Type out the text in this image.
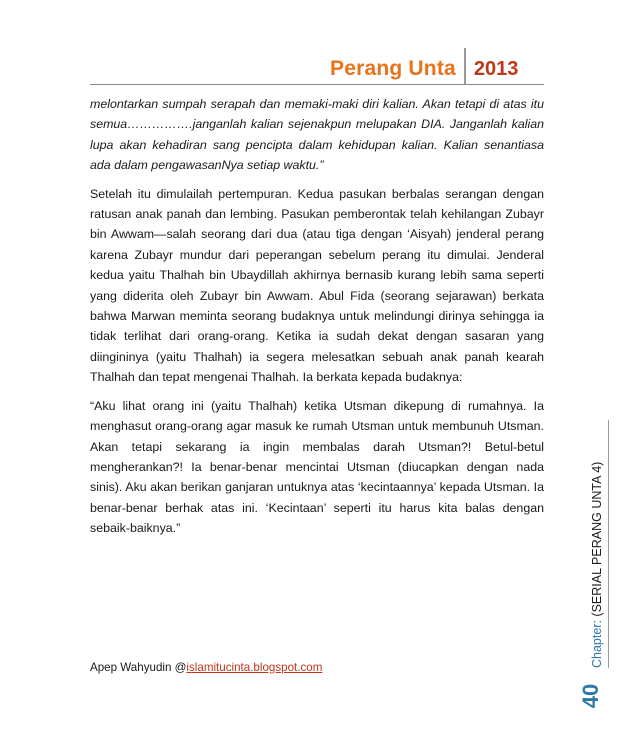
Perang Unta 2013

melontarkan sumpah serapah dan memaki-maki diri kalian. Akan tetapi di atas itu semua…………….janganlah kalian sejenakpun melupakan DIA. Janganlah kalian lupa akan kehadiran sang pencipta dalam kehidupan kalian. Kalian senantiasa ada dalam pengawasanNya setiap waktu.”

Setelah itu dimulailah pertempuran. Kedua pasukan berbalas serangan dengan ratusan anak panah dan lembing. Pasukan pemberontak telah kehilangan Zubayr bin Awwam—salah seorang dari dua (atau tiga dengan ‘Aisyah) jenderal perang karena Zubayr mundur dari peperangan sebelum perang itu dimulai. Jenderal kedua yaitu Thalhah bin Ubaydillah akhirnya bernasib kurang lebih sama seperti yang diderita oleh Zubayr bin Awwam. Abul Fida (seorang sejarawan) berkata bahwa Marwan meminta seorang budaknya untuk melindungi dirinya sehingga ia tidak terlihat dari orang-orang. Ketika ia sudah dekat dengan sasaran yang diingininya (yaitu Thalhah) ia segera melesatkan sebuah anak panah kearah Thalhah dan tepat mengenai Thalhah. Ia berkata kepada budaknya:

“Aku lihat orang ini (yaitu Thalhah) ketika Utsman dikepung di rumahnya. Ia menghasut orang-orang agar masuk ke rumah Utsman untuk membunuh Utsman. Akan tetapi sekarang ia ingin membalas darah Utsman?! Betul-betul mengherankan?! Ia benar-benar mencintai Utsman (diucapkan dengan nada sinis). Aku akan berikan ganjaran untuknya atas ‘kecintaannya’ kepada Utsman. Ia benar-benar berhak atas ini. ‘Kecintaan’ seperti itu harus kita balas dengan sebaik-baiknya.”

Apep Wahyudin @islamitucinta.blogspot.com	Chapter: (SERIAL PERANG UNTA 4)
40
